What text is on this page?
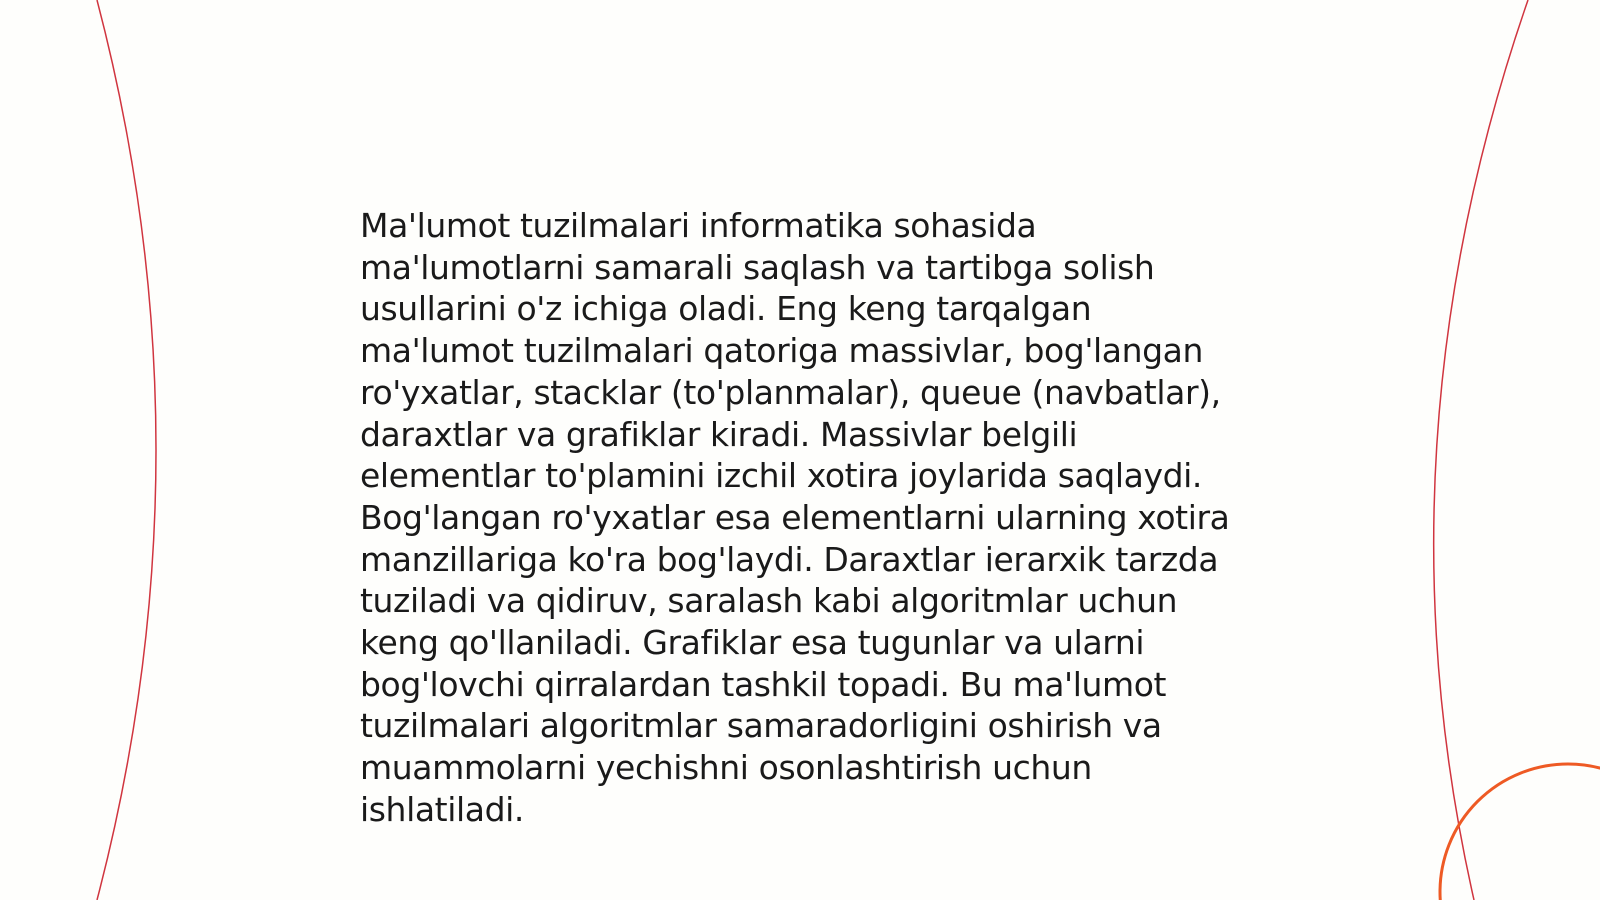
Ma'lumot tuzilmalari informatika sohasida
ma'lumotlarni samarali saqlash va tartibga solish
usullarini o'z ichiga oladi. Eng keng tarqalgan
ma'lumot tuzilmalari qatoriga massivlar, bog'langan
ro'yxatlar, stacklar (to'planmalar), queue (navbatlar),
daraxtlar va grafiklar kiradi. Massivlar belgili
elementlar to'plamini izchil xotira joylarida saqlaydi.
Bog'langan ro'yxatlar esa elementlarni ularning xotira
manzillariga ko'ra bog'laydi. Daraxtlar ierarxik tarzda
tuziladi va qidiruv, saralash kabi algoritmlar uchun
keng qo'llaniladi. Grafiklar esa tugunlar va ularni
bog'lovchi qirralardan tashkil topadi. Bu ma'lumot
tuzilmalari algoritmlar samaradorligini oshirish va
muammolarni yechishni osonlashtirish uchun
ishlatiladi.
